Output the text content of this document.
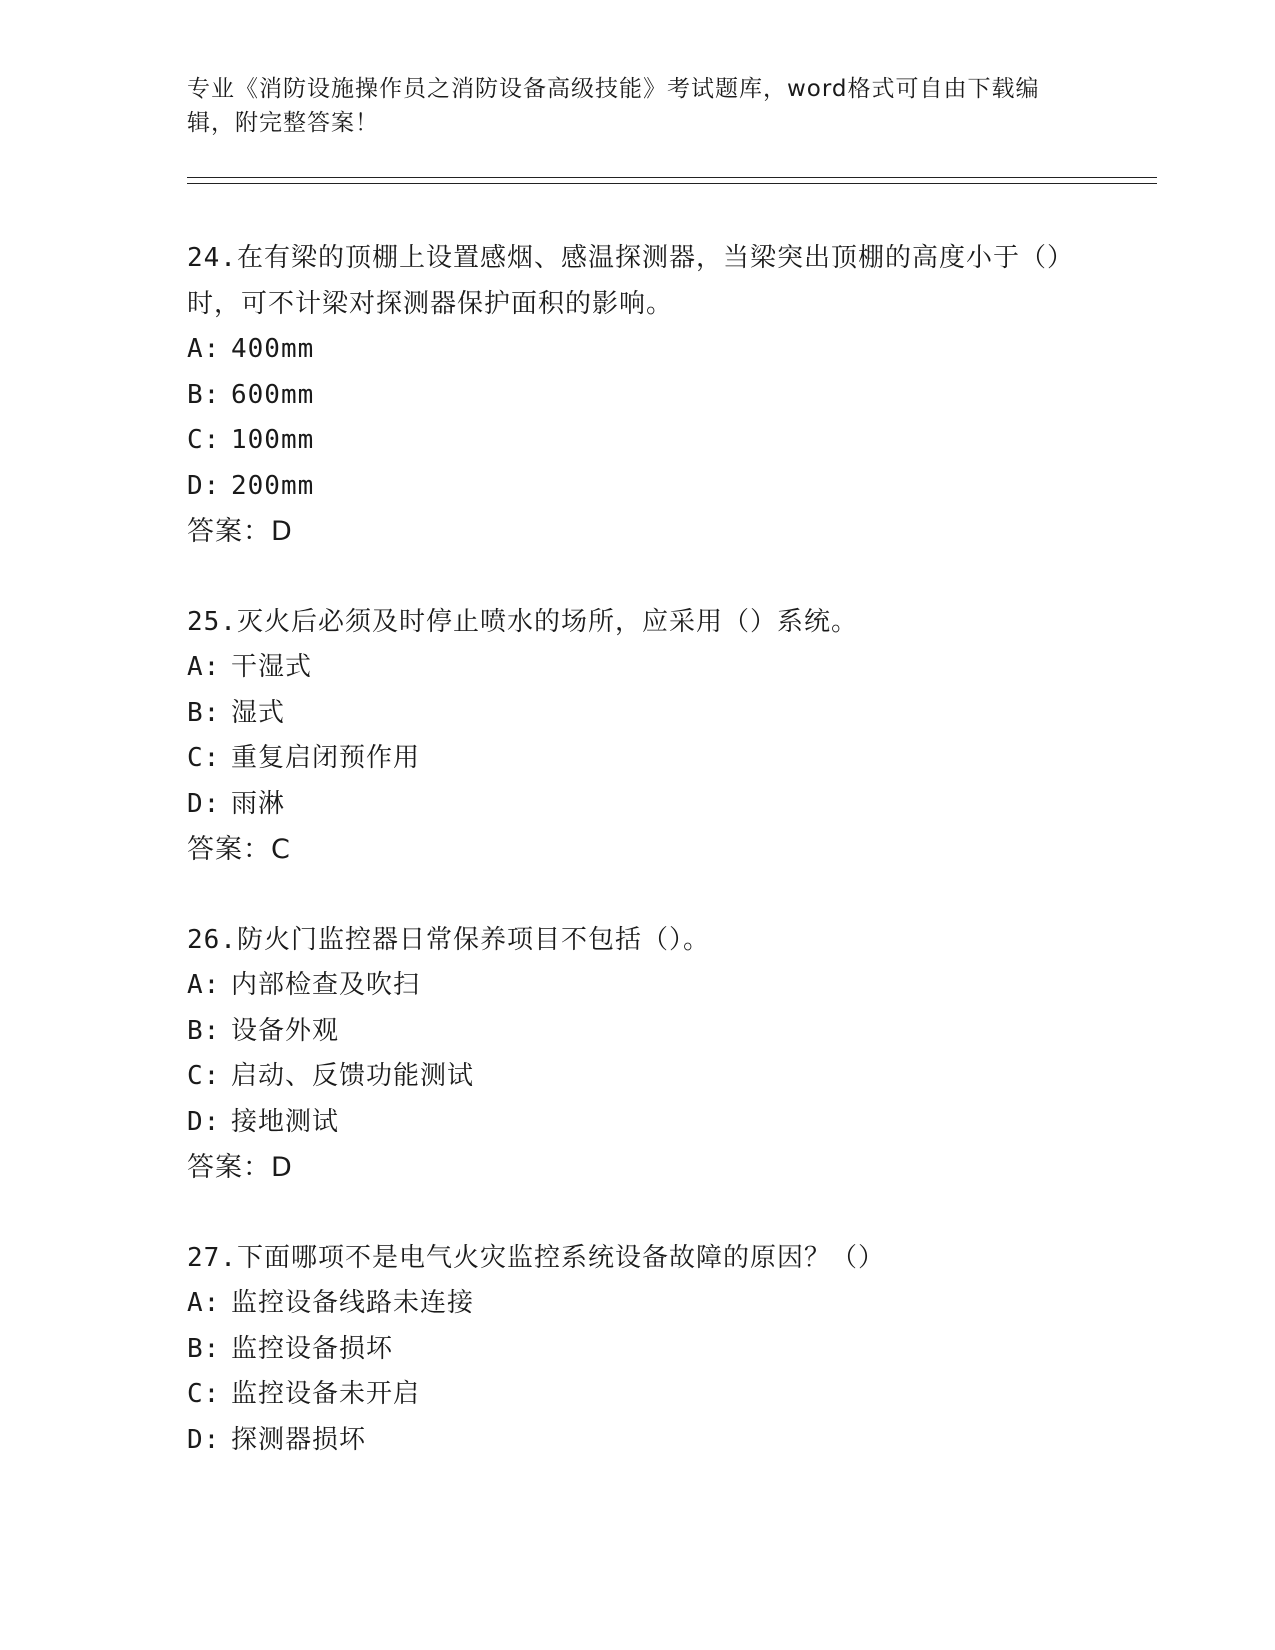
专业《消防设施操作员之消防设备高级技能》考试题库，word格式可自由下载编辑，附完整答案！

24.在有梁的顶棚上设置感烟、感温探测器，当梁突出顶棚的高度小于（）时，可不计梁对探测器保护面积的影响。

A: 400mm

B: 600mm

C: 100mm

D: 200mm

答案：D

25.灭火后必须及时停止喷水的场所，应采用（）系统。

A: 干湿式

B: 湿式

C: 重复启闭预作用

D: 雨淋

答案：C

26.防火门监控器日常保养项目不包括（）。

A: 内部检查及吹扫

B: 设备外观

C: 启动、反馈功能测试

D: 接地测试

答案：D

27.下面哪项不是电气火灾监控系统设备故障的原因？（）

A: 监控设备线路未连接

B: 监控设备损坏

C: 监控设备未开启

D: 探测器损坏
